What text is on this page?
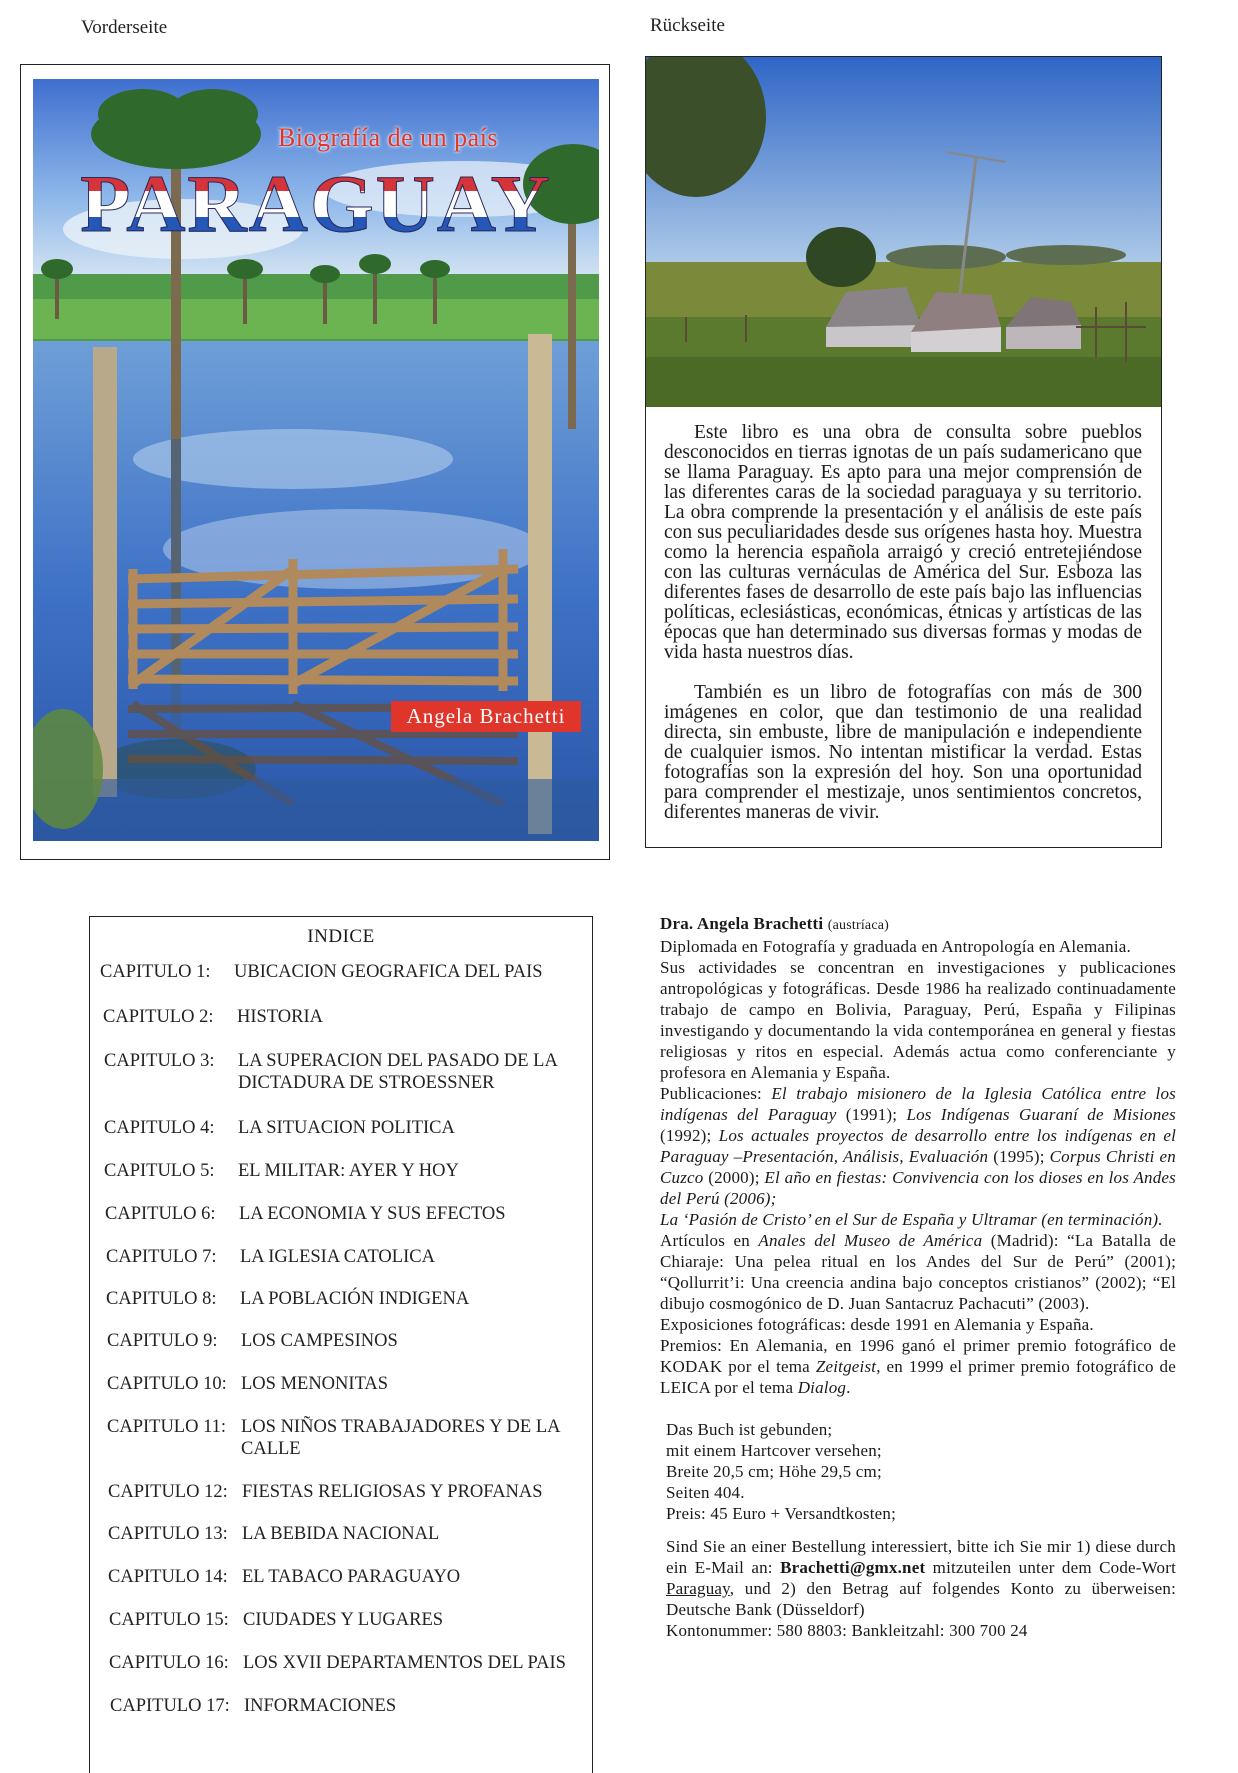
Vorderseite	Rückseite
Biografía de un país
PARAGUAY
Angela Brachetti

Este libro es una obra de consulta sobre pueblos desconocidos en tierras ignotas de un país sudamericano que se llama Paraguay. Es apto para una mejor comprensión de las diferentes caras de la sociedad paraguaya y su territorio. La obra comprende la presentación y el análisis de este país con sus peculiaridades desde sus orígenes hasta hoy. Muestra como la herencia española arraigó y creció entretejiéndose con las culturas vernáculas de América del Sur. Esboza las diferentes fases de desarrollo de este país bajo las influencias políticas, eclesiásticas, económicas, étnicas y artísticas de las épocas que han determinado sus diversas formas y modas de vida hasta nuestros días.

También es un libro de fotografías con más de 300 imágenes en color, que dan testimonio de una realidad directa, sin embuste, libre de manipulación e independiente de cualquier ismos. No intentan mistificar la verdad. Estas fotografías son la expresión del hoy. Son una oportunidad para comprender el mestizaje, unos sentimientos concretos, diferentes maneras de vivir.

INDICE
CAPITULO 1:	UBICACION GEOGRAFICA DEL PAIS
CAPITULO 2:	HISTORIA
CAPITULO 3:	LA SUPERACION DEL PASADO DE LA DICTADURA DE STROESSNER
CAPITULO 4:	LA SITUACION POLITICA
CAPITULO 5:	EL MILITAR: AYER Y HOY
CAPITULO 6:	LA ECONOMIA Y SUS EFECTOS
CAPITULO 7:	LA IGLESIA CATOLICA
CAPITULO 8:	LA POBLACIÓN INDIGENA
CAPITULO 9:	LOS CAMPESINOS
CAPITULO 10: LOS MENONITAS
CAPITULO 11: LOS NIÑOS TRABAJADORES Y DE LA CALLE
CAPITULO 12: FIESTAS RELIGIOSAS Y PROFANAS
CAPITULO 13: LA BEBIDA NACIONAL
CAPITULO 14: EL TABACO PARAGUAYO
CAPITULO 15: CIUDADES Y LUGARES
CAPITULO 16: LOS XVII DEPARTAMENTOS DEL PAIS
CAPITULO 17: INFORMACIONES

Dra. Angela Brachetti (austríaca)

Diplomada en Fotografía y graduada en Antropología en Alemania.

Sus actividades se concentran en investigaciones y publicaciones antropológicas y fotográficas. Desde 1986 ha realizado continuadamente trabajo de campo en Bolivia, Paraguay, Perú, España y Filipinas investigando y documentando la vida contemporánea en general y fiestas religiosas y ritos en especial. Además actua como conferenciante y profesora en Alemania y España.

Publicaciones: El trabajo misionero de la Iglesia Católica entre los indígenas del Paraguay (1991); Los Indígenas Guaraní de Misiones (1992); Los actuales proyectos de desarrollo entre los indígenas en el Paraguay –Presentación, Análisis, Evaluación (1995); Corpus Christi en Cuzco (2000); El año en fiestas: Convivencia con los dioses en los Andes del Perú (2006);

La ‘Pasión de Cristo’ en el Sur de España y Ultramar (en terminación).

Artículos en Anales del Museo de América (Madrid): “La Batalla de Chiaraje: Una pelea ritual en los Andes del Sur de Perú” (2001); “Qollurrit’i: Una creencia andina bajo conceptos cristianos” (2002); “El dibujo cosmogónico de D. Juan Santacruz Pachacuti” (2003).

Exposiciones fotográficas: desde 1991 en Alemania y España.

Premios: En Alemania, en 1996 ganó el primer premio fotográfico de KODAK por el tema Zeitgeist, en 1999 el primer premio fotográfico de LEICA por el tema Dialog.

Das Buch ist gebunden;
mit einem Hartcover versehen;
Breite 20,5 cm; Höhe 29,5 cm;
Seiten 404.
Preis: 45 Euro + Versandtkosten;

Sind Sie an einer Bestellung interessiert, bitte ich Sie mir 1) diese durch ein E-Mail an: Brachetti@gmx.net mitzuteilen unter dem Code-Wort Paraguay, und 2) den Betrag auf folgendes Konto zu überweisen: Deutsche Bank (Düsseldorf)

Kontonummer: 580 8803: Bankleitzahl: 300 700 24
